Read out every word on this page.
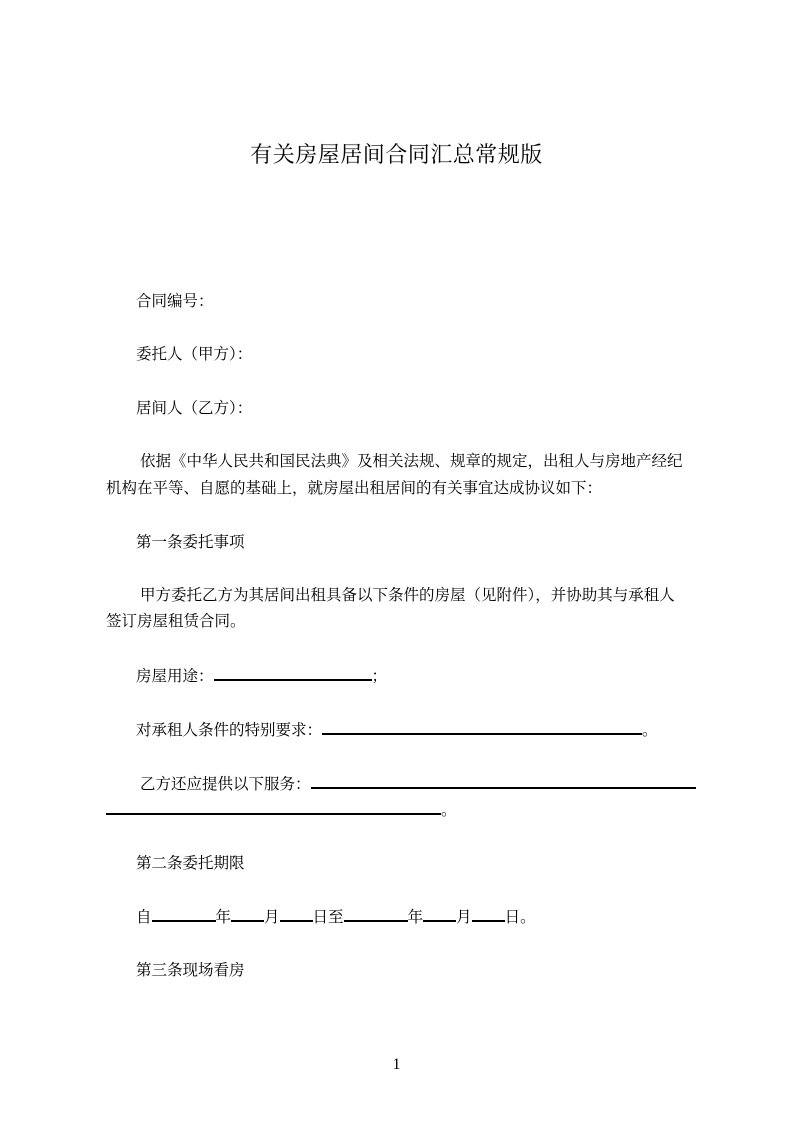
有关房屋居间合同汇总常规版
合同编号：
委托人（甲方）：
居间人（乙方）：
依据《中华人民共和国民法典》及相关法规、规章的规定，出租人与房地产经纪
机构在平等、自愿的基础上，就房屋出租居间的有关事宜达成协议如下：
第一条委托事项
甲方委托乙方为其居间出租具备以下条件的房屋（见附件），并协助其与承租人
签订房屋租赁合同。
房屋用途：	；
对承租人条件的特别要求：	。
乙方还应提供以下服务：
。
第二条委托期限
自	年 月 日至	年 月 日。
第三条现场看房
1
